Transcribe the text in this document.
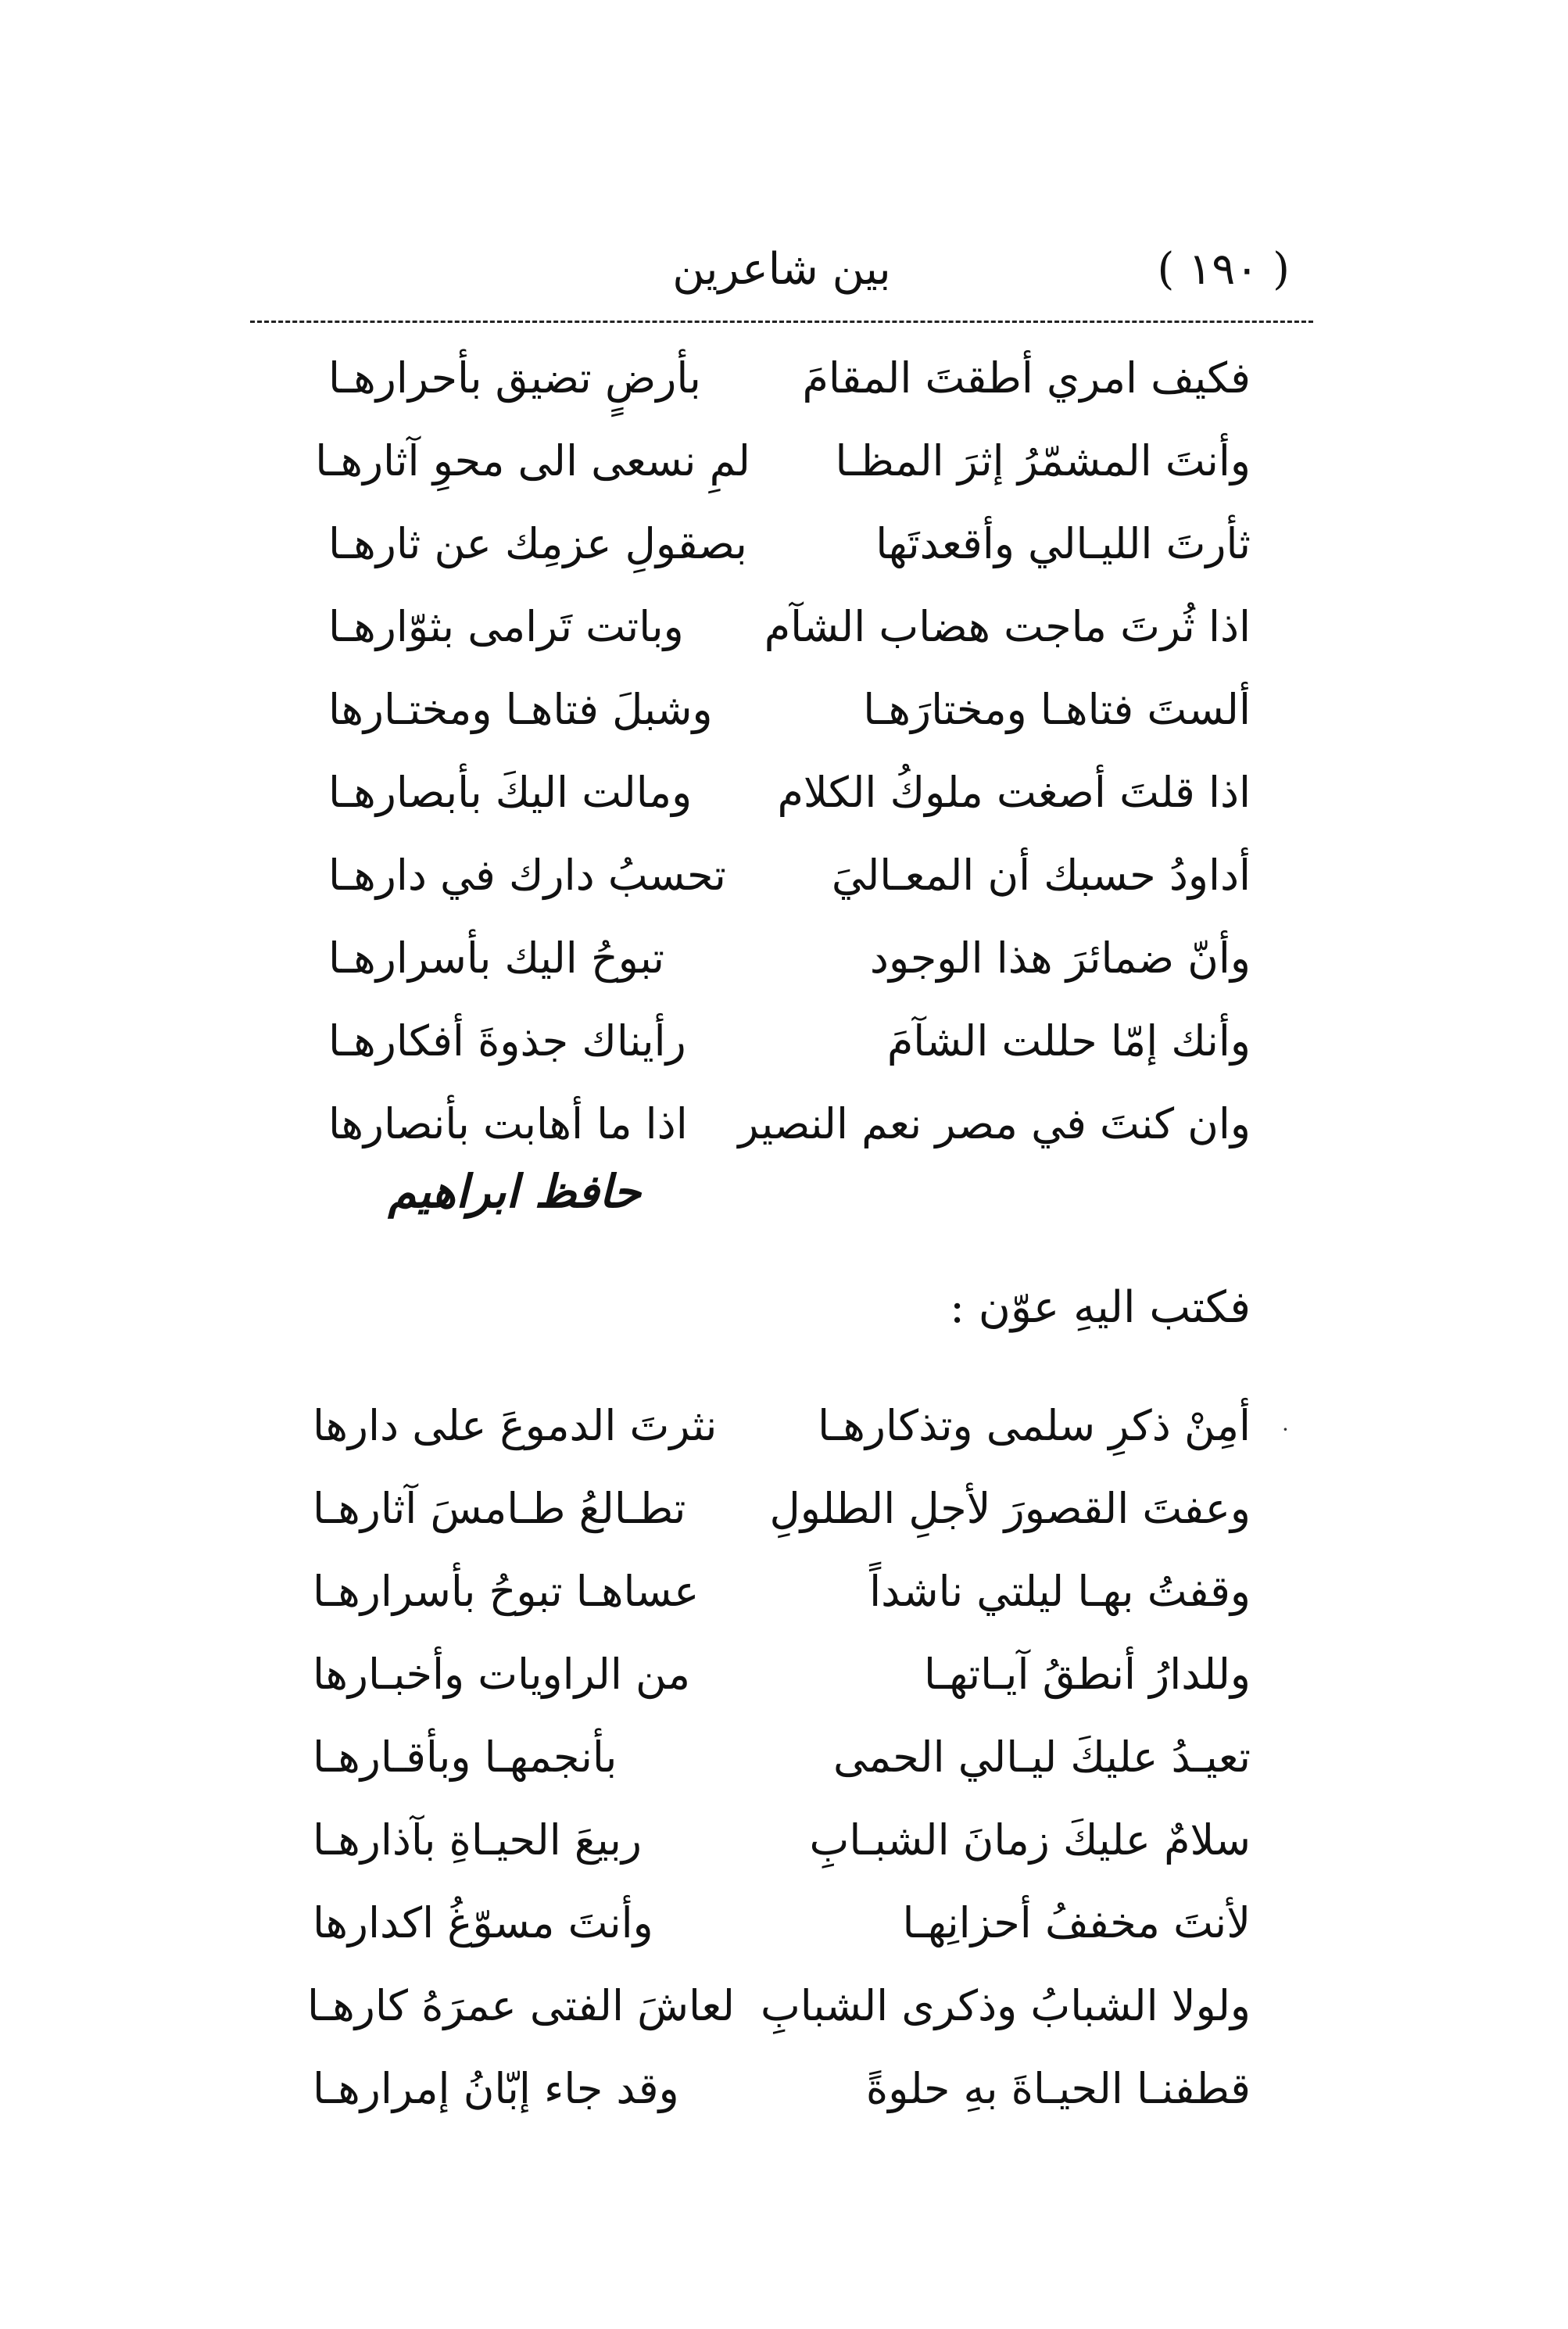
بين شاعرين	( ١٩٠ )
فكيف امري أطقتَ المقامَ
بأرضٍ تضيق بأحرارهـا
وأنتَ المشمّرُ إثرَ المظـا
لمِ نسعى الى محوِ آثارهـا
ثأرتَ الليـالي وأقعدتَها
بصقولِ عزمِك عن ثارهـا
اذا ثُرتَ ماجت هضاب الشآم
وباتت تَرامى بثوّارهـا
ألستَ فتاهـا ومختارَهـا
وشبلَ فتاهـا ومختـارها
اذا قلتَ أصغت ملوكُ الكلام
ومالت اليكَ بأبصارهـا
أداودُ حسبك أن المعـاليَ
تحسبُ دارك في دارهـا
وأنّ ضمائرَ هذا الوجود
تبوحُ اليك بأسرارهـا
وأنك إمّا حللت الشآمَ
رأيناك جذوةَ أفكارهـا
وان كنتَ في مصر نعم النصير
اذا ما أهابت بأنصارها
حافظ ابراهيم
فكتب اليهِ عوّن :
·
أمِنْ ذكرِ سلمى وتذكارهـا
نثرتَ الدموعَ على دارها
وعفتَ القصورَ لأجلِ الطلولِ
تطـالعُ طـامسَ آثارهـا
وقفتُ بهـا ليلتي ناشداً
عساهـا تبوحُ بأسرارهـا
وللدارُ أنطقُ آيـاتهـا
من الراويات وأخبـارها
تعيـدُ عليكَ ليـالي الحمى
بأنجمهـا وبأقـارهـا
سلامٌ عليكَ زمانَ الشبـابِ
ربيعَ الحيـاةِ بآذارهـا
لأنتَ مخففُ أحزانِهـا
وأنتَ مسوّغُ اكدارها
ولولا الشبابُ وذكرى الشبابِ
لعاشَ الفتى عمرَهُ كارهـا
قطفنـا الحيـاةَ بهِ حلوةً
وقد جاء إبّانُ إمرارهـا
